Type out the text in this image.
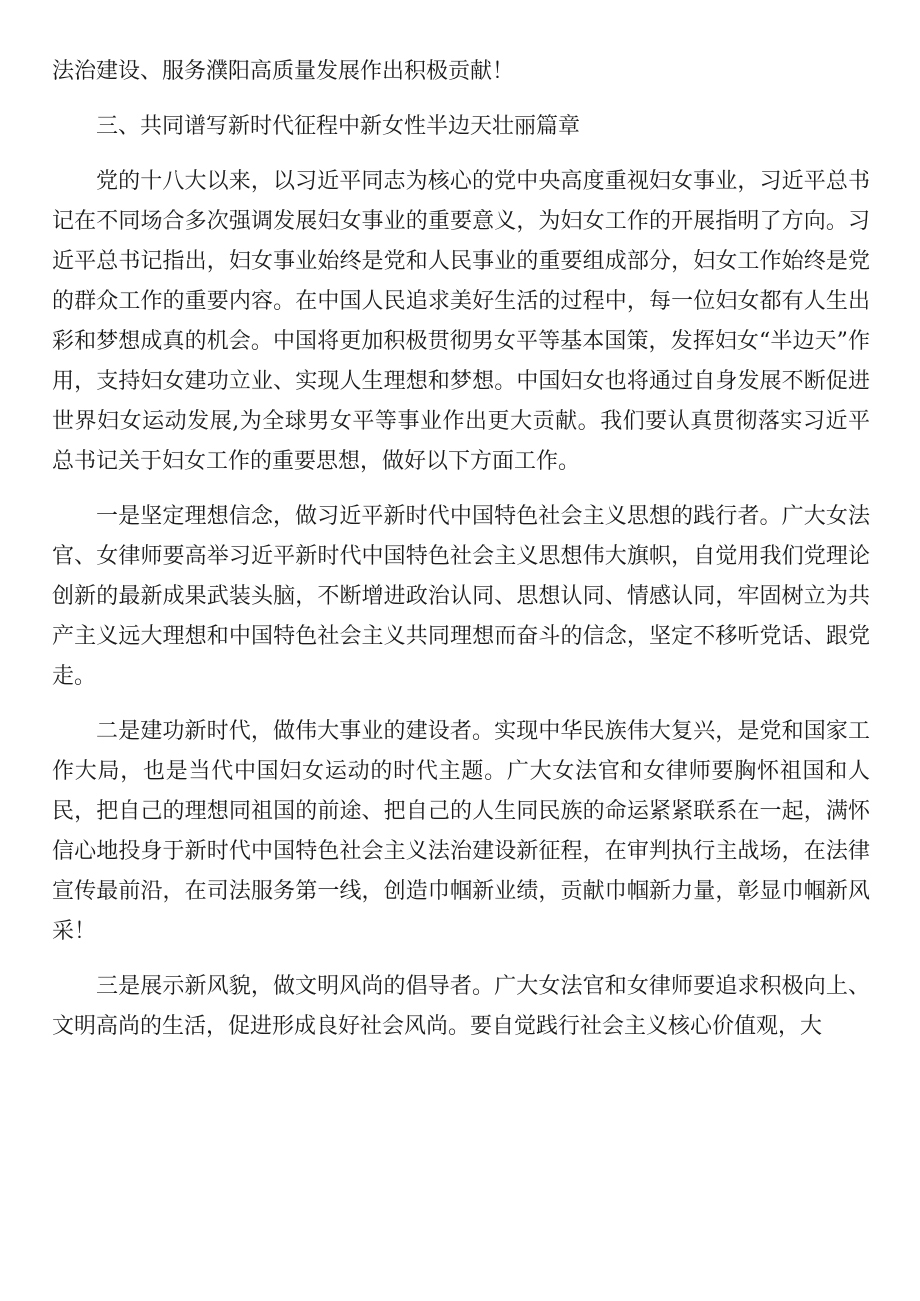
法治建设、服务濮阳高质量发展作出积极贡献！

三、共同谱写新时代征程中新女性半边天壮丽篇章

党的十八大以来，以习近平同志为核心的党中央高度重视妇女事业，习近平总书记在不同场合多次强调发展妇女事业的重要意义，为妇女工作的开展指明了方向。习近平总书记指出，妇女事业始终是党和人民事业的重要组成部分，妇女工作始终是党的群众工作的重要内容。在中国人民追求美好生活的过程中，每一位妇女都有人生出彩和梦想成真的机会。中国将更加积极贯彻男女平等基本国策，发挥妇女“半边天”作用，支持妇女建功立业、实现人生理想和梦想。中国妇女也将通过自身发展不断促进世界妇女运动发展,为全球男女平等事业作出更大贡献。我们要认真贯彻落实习近平总书记关于妇女工作的重要思想，做好以下方面工作。

一是坚定理想信念，做习近平新时代中国特色社会主义思想的践行者。广大女法官、女律师要高举习近平新时代中国特色社会主义思想伟大旗帜，自觉用我们党理论创新的最新成果武装头脑，不断增进政治认同、思想认同、情感认同，牢固树立为共产主义远大理想和中国特色社会主义共同理想而奋斗的信念，坚定不移听党话、跟党走。

二是建功新时代，做伟大事业的建设者。实现中华民族伟大复兴，是党和国家工作大局，也是当代中国妇女运动的时代主题。广大女法官和女律师要胸怀祖国和人民，把自己的理想同祖国的前途、把自己的人生同民族的命运紧紧联系在一起，满怀信心地投身于新时代中国特色社会主义法治建设新征程，在审判执行主战场，在法律宣传最前沿，在司法服务第一线，创造巾帼新业绩，贡献巾帼新力量，彰显巾帼新风采！

三是展示新风貌，做文明风尚的倡导者。广大女法官和女律师要追求积极向上、文明高尚的生活，促进形成良好社会风尚。要自觉践行社会主义核心价值观，大
